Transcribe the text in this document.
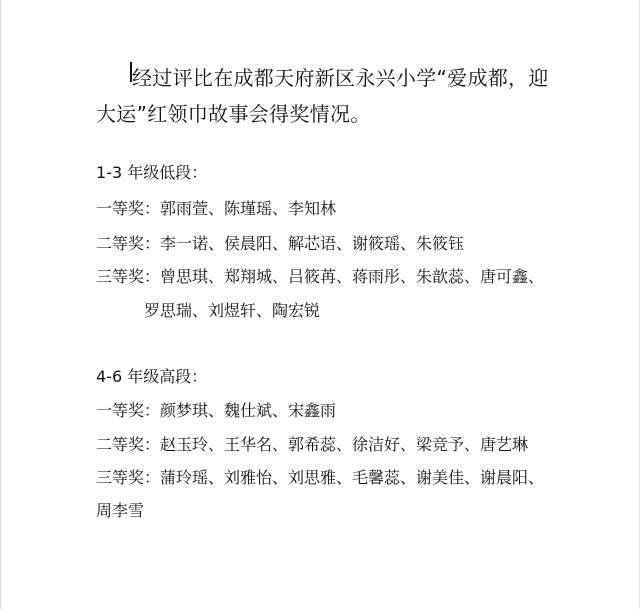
经过评比在成都天府新区永兴小学“爱成都，迎大运”红领巾故事会得奖情况。
1-3 年级低段：
一等奖：郭雨萱、陈瑾瑶、李知林
二等奖：李一诺、侯晨阳、解芯语、谢筱瑶、朱筱钰
三等奖：曾思琪、郑翔城、吕筱苒、蒋雨彤、朱歆蕊、唐可鑫、
罗思瑞、刘煜轩、陶宏锐
4-6 年级高段：
一等奖：颜梦琪、魏仕斌、宋鑫雨
二等奖：赵玉玲、王华名、郭希蕊、徐洁好、梁竞予、唐艺琳
三等奖：蒲玲瑶、刘雅怡、刘思雅、毛馨蕊、谢美佳、谢晨阳、
周李雪
